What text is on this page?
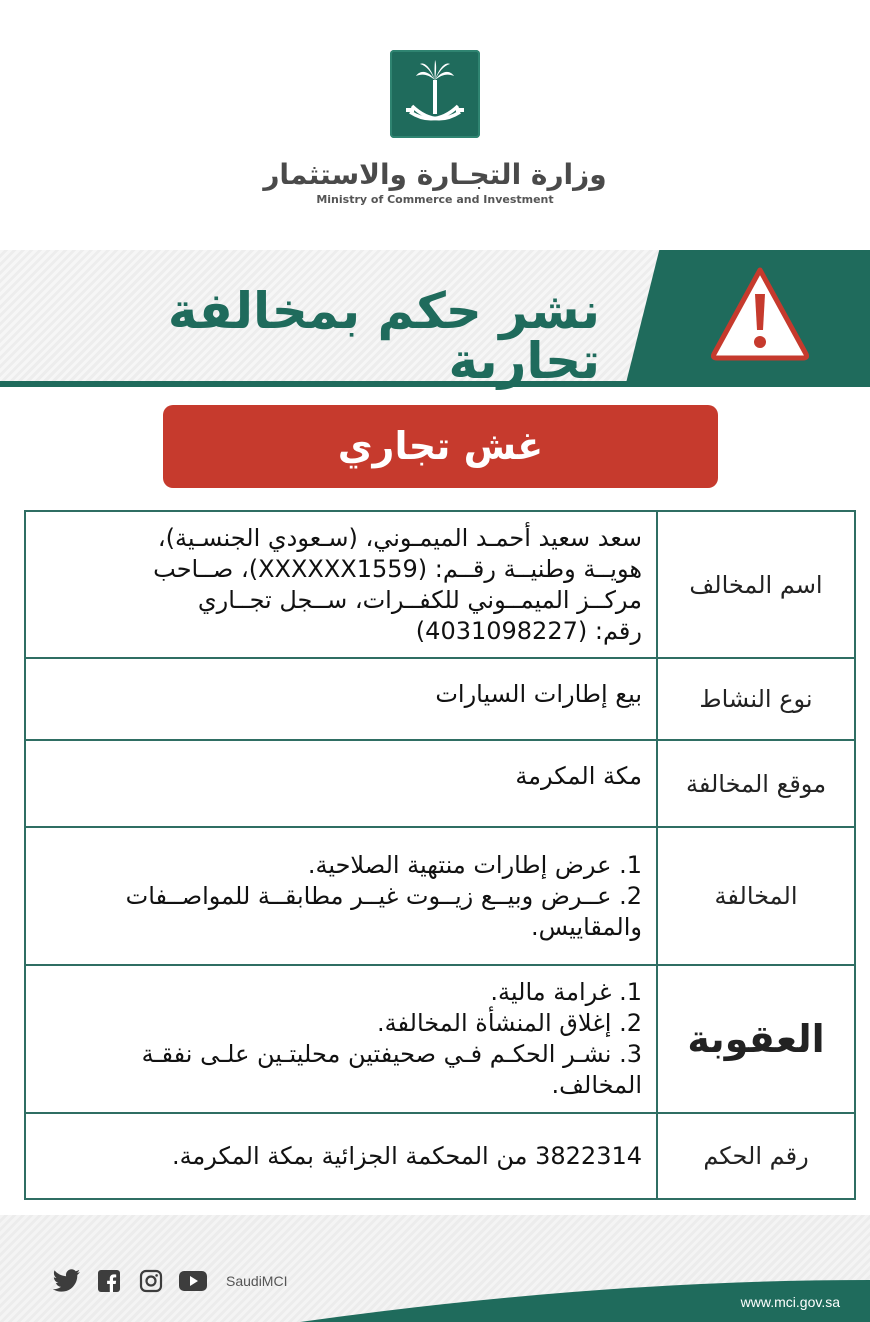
وزارة التجـارة والاستثمار
Ministry of Commerce and Investment
نشر حكم بمخالفة تجارية
غش تجاري
اسم المخالف

سعد سعيد أحمـد الميمـوني، (سـعودي الجنسـية)،

هويــة وطنيــة رقــم: (XXXXXX1559)، صــاحب

مركــز الميمــوني للكفــرات، ســجل تجــاري

رقم: (4031098227)

نوع النشاط

بيع إطارات السيارات

موقع المخالفة

مكة المكرمة

المخالفة

1. عرض إطارات منتهية الصلاحية.

2. عــرض وبيــع زيــوت غيــر مطابقــة للمواصــفات

والمقاييس.

العقوبة

1. غرامة مالية.

2. إغلاق المنشأة المخالفة.

3. نشـر الحكـم فـي صحيفتين محليتـين علـى نفقـة

المخالف.

رقم الحكم

3822314 من المحكمة الجزائية بمكة المكرمة.

SaudiMCI
www.mci.gov.sa
